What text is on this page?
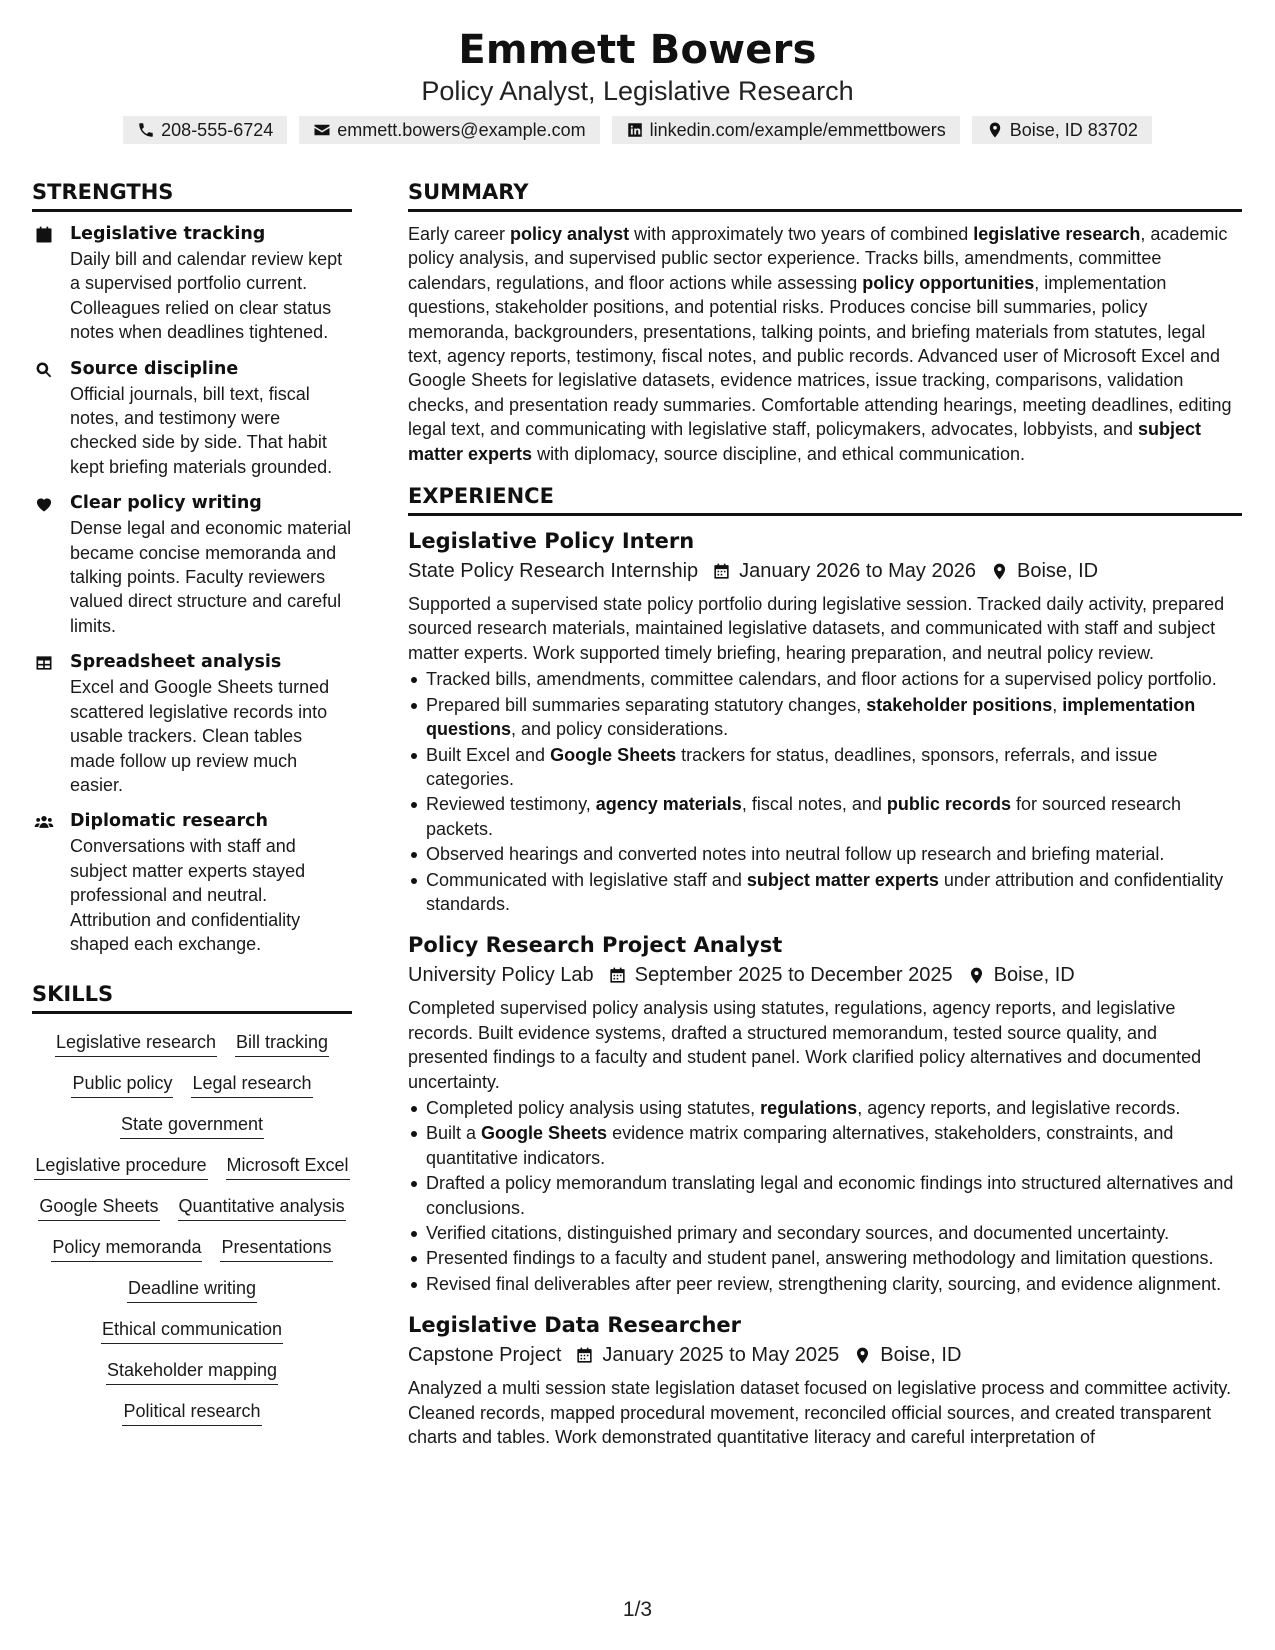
Emmett Bowers
Policy Analyst, Legislative Research
208-555-6724	emmett.bowers@example.com	linkedin.com/example/emmettbowers	Boise, ID 83702
STRENGTHS
Legislative tracking
Daily bill and calendar review kept a supervised portfolio current. Colleagues relied on clear status notes when deadlines tightened.
Source discipline
Official journals, bill text, fiscal notes, and testimony were checked side by side. That habit kept briefing materials grounded.
Clear policy writing
Dense legal and economic material became concise memoranda and talking points. Faculty reviewers valued direct structure and careful limits.
Spreadsheet analysis
Excel and Google Sheets turned scattered legislative records into usable trackers. Clean tables made follow up review much easier.
Diplomatic research
Conversations with staff and subject matter experts stayed professional and neutral. Attribution and confidentiality shaped each exchange.
SKILLS
Legislative research Bill tracking
Public policy Legal research
State government
Legislative procedure Microsoft Excel
Google Sheets Quantitative analysis
Policy memoranda Presentations
Deadline writing
Ethical communication
Stakeholder mapping
Political research
SUMMARY
Early career policy analyst with approximately two years of combined legislative research, academic policy analysis, and supervised public sector experience. Tracks bills, amendments, committee calendars, regulations, and floor actions while assessing policy opportunities, implementation questions, stakeholder positions, and potential risks. Produces concise bill summaries, policy memoranda, backgrounders, presentations, talking points, and briefing materials from statutes, legal text, agency reports, testimony, fiscal notes, and public records. Advanced user of Microsoft Excel and Google Sheets for legislative datasets, evidence matrices, issue tracking, comparisons, validation checks, and presentation ready summaries. Comfortable attending hearings, meeting deadlines, editing legal text, and communicating with legislative staff, policymakers, advocates, lobbyists, and subject matter experts with diplomacy, source discipline, and ethical communication.
EXPERIENCE
Legislative Policy Intern
State Policy Research Internship January 2026 to May 2026 Boise, ID
Supported a supervised state policy portfolio during legislative session. Tracked daily activity, prepared sourced research materials, maintained legislative datasets, and communicated with staff and subject matter experts. Work supported timely briefing, hearing preparation, and neutral policy review.
Tracked bills, amendments, committee calendars, and floor actions for a supervised policy portfolio.
Prepared bill summaries separating statutory changes, stakeholder positions, implementation questions, and policy considerations.
Built Excel and Google Sheets trackers for status, deadlines, sponsors, referrals, and issue categories.
Reviewed testimony, agency materials, fiscal notes, and public records for sourced research packets.
Observed hearings and converted notes into neutral follow up research and briefing material.
Communicated with legislative staff and subject matter experts under attribution and confidentiality standards.
Policy Research Project Analyst
University Policy Lab September 2025 to December 2025 Boise, ID
Completed supervised policy analysis using statutes, regulations, agency reports, and legislative records. Built evidence systems, drafted a structured memorandum, tested source quality, and presented findings to a faculty and student panel. Work clarified policy alternatives and documented uncertainty.
Completed policy analysis using statutes, regulations, agency reports, and legislative records.
Built a Google Sheets evidence matrix comparing alternatives, stakeholders, constraints, and quantitative indicators.
Drafted a policy memorandum translating legal and economic findings into structured alternatives and conclusions.
Verified citations, distinguished primary and secondary sources, and documented uncertainty.
Presented findings to a faculty and student panel, answering methodology and limitation questions.
Revised final deliverables after peer review, strengthening clarity, sourcing, and evidence alignment.
Legislative Data Researcher
Capstone Project January 2025 to May 2025 Boise, ID
Analyzed a multi session state legislation dataset focused on legislative process and committee activity. Cleaned records, mapped procedural movement, reconciled official sources, and created transparent charts and tables. Work demonstrated quantitative literacy and careful interpretation of
1/3
